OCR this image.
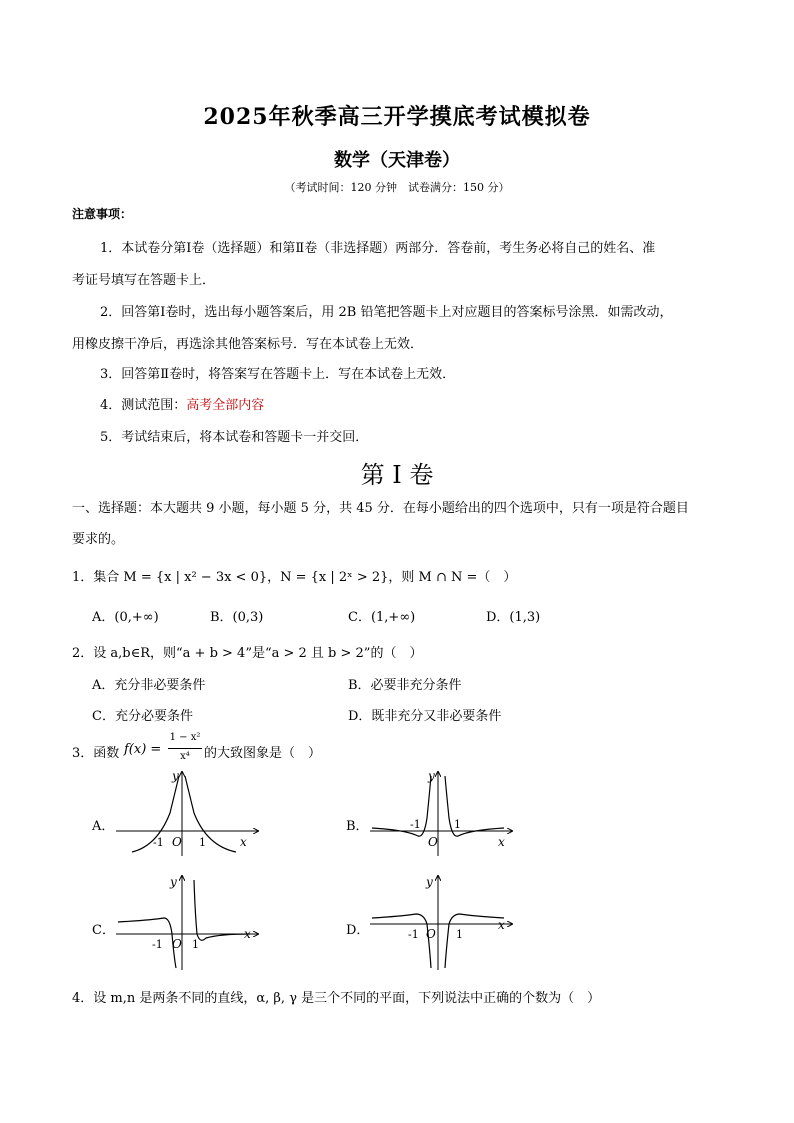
2025年秋季高三开学摸底考试模拟卷
数学（天津卷）
（考试时间：120 分钟　试卷满分：150 分）
注意事项：
1．本试卷分第Ⅰ卷（选择题）和第Ⅱ卷（非选择题）两部分．答卷前，考生务必将自己的姓名、准
考证号填写在答题卡上．
2．回答第Ⅰ卷时，选出每小题答案后，用 2B 铅笔把答题卡上对应题目的答案标号涂黑．如需改动，
用橡皮擦干净后，再选涂其他答案标号．写在本试卷上无效．
3．回答第Ⅱ卷时，将答案写在答题卡上．写在本试卷上无效．
4．测试范围：高考全部内容
5．考试结束后，将本试卷和答题卡一并交回．
第 I 卷
一、选择题：本大题共 9 小题，每小题 5 分，共 45 分．在每小题给出的四个选项中，只有一项是符合题目
要求的。
1．集合 M = {x | x² − 3x < 0}，N = {x | 2ˣ > 2}，则 M ∩ N =（　）
A．(0,+∞)	B．(0,3)	C．(1,+∞)	D．(1,3)
2．设 a,b∈R，则“a + b > 4”是“a > 2 且 b > 2”的（　）
A．充分非必要条件	B．必要非充分条件
C．充分必要条件	D．既非充分又非必要条件
3．函数 f(x) =
1 − x²
x⁴	的大致图象是（　）
A．	B．
C．	D．
x
y
O
-1	1	x
y
O
-1	1
x
y
O
-1	1
x
y
O
-1	1
4．设 m,n 是两条不同的直线，α, β, γ 是三个不同的平面，下列说法中正确的个数为（　）
